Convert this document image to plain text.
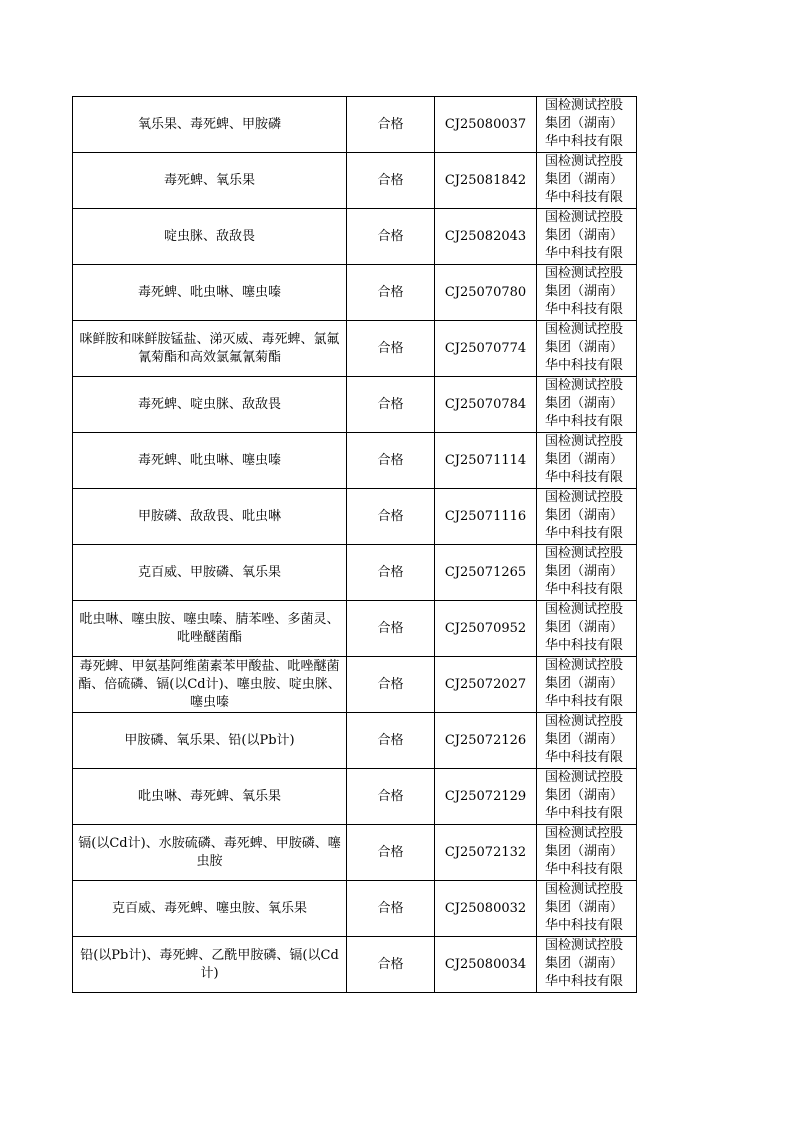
氧乐果、毒死蜱、甲胺磷	合格	CJ25080037	国检测试控股
集团（湖南）
华中科技有限

毒死蜱、氧乐果	合格	CJ25081842	国检测试控股
集团（湖南）
华中科技有限

啶虫脒、敌敌畏	合格	CJ25082043	国检测试控股
集团（湖南）
华中科技有限

毒死蜱、吡虫啉、噻虫嗪	合格	CJ25070780	国检测试控股
集团（湖南）
华中科技有限

咪鲜胺和咪鲜胺锰盐、涕灭威、毒死蜱、氯氟氰菊酯和高效氯氟氰菊酯	合格	CJ25070774	国检测试控股
集团（湖南）
华中科技有限

毒死蜱、啶虫脒、敌敌畏	合格	CJ25070784	国检测试控股
集团（湖南）
华中科技有限

毒死蜱、吡虫啉、噻虫嗪	合格	CJ25071114	国检测试控股
集团（湖南）
华中科技有限

甲胺磷、敌敌畏、吡虫啉	合格	CJ25071116	国检测试控股
集团（湖南）
华中科技有限

克百威、甲胺磷、氧乐果	合格	CJ25071265	国检测试控股
集团（湖南）
华中科技有限

吡虫啉、噻虫胺、噻虫嗪、腈苯唑、多菌灵、吡唑醚菌酯	合格	CJ25070952	国检测试控股
集团（湖南）
华中科技有限

毒死蜱、甲氨基阿维菌素苯甲酸盐、吡唑醚菌酯、倍硫磷、镉(以Cd计)、噻虫胺、啶虫脒、噻虫嗪	合格	CJ25072027	国检测试控股
集团（湖南）
华中科技有限

甲胺磷、氧乐果、铅(以Pb计)	合格	CJ25072126	国检测试控股
集团（湖南）
华中科技有限

吡虫啉、毒死蜱、氧乐果	合格	CJ25072129	国检测试控股
集团（湖南）
华中科技有限

镉(以Cd计)、水胺硫磷、毒死蜱、甲胺磷、噻虫胺	合格	CJ25072132	国检测试控股
集团（湖南）
华中科技有限

克百威、毒死蜱、噻虫胺、氧乐果	合格	CJ25080032	国检测试控股
集团（湖南）
华中科技有限

铅(以Pb计)、毒死蜱、乙酰甲胺磷、镉(以Cd计)	合格	CJ25080034	国检测试控股
集团（湖南）
华中科技有限
